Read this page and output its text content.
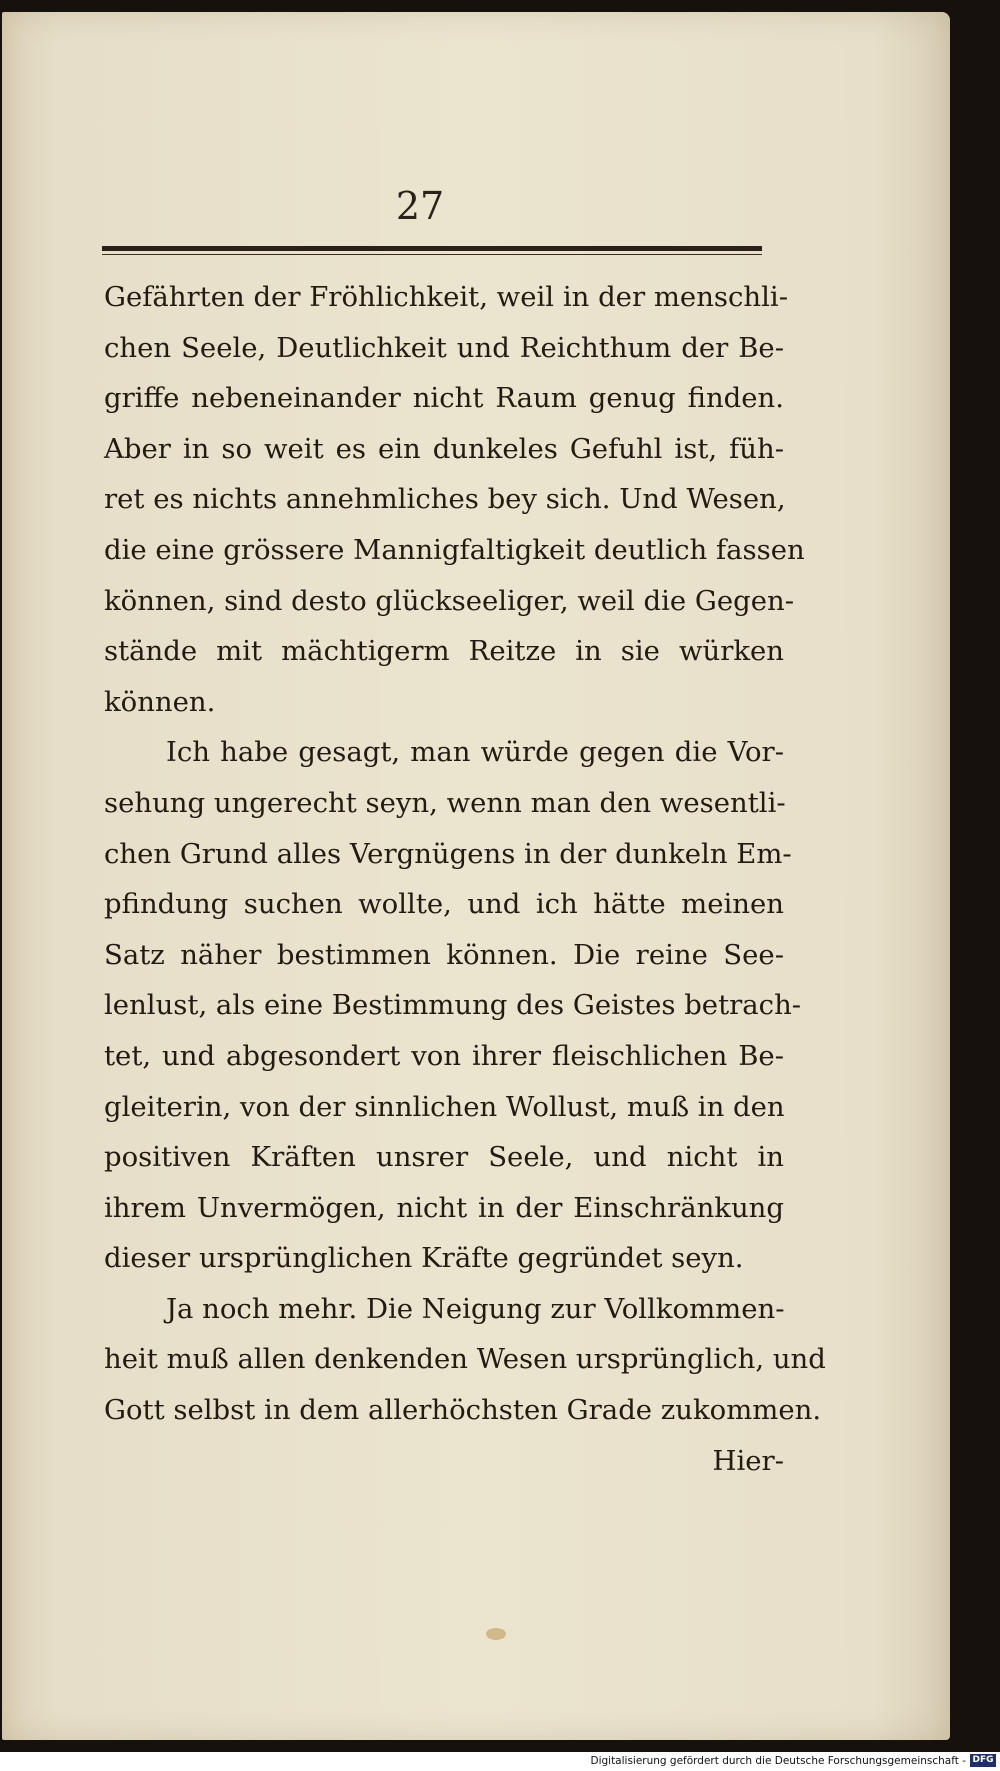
27
Gefährten der Fröhlichkeit, weil in der menschli-
chen Seele, Deutlichkeit und Reichthum der Be-
griffe nebeneinander nicht Raum genug finden.
Aber in so weit es ein dunkeles Gefuhl ist, füh-
ret es nichts annehmliches bey sich. Und Wesen,
die eine grössere Mannigfaltigkeit deutlich fassen
können, sind desto glückseeliger, weil die Gegen-
stände mit mächtigerm Reitze in sie würken
können.
Ich habe gesagt, man würde gegen die Vor-
sehung ungerecht seyn, wenn man den wesentli-
chen Grund alles Vergnügens in der dunkeln Em-
pfindung suchen wollte, und ich hätte meinen
Satz näher bestimmen können. Die reine See-
lenlust, als eine Bestimmung des Geistes betrach-
tet, und abgesondert von ihrer fleischlichen Be-
gleiterin, von der sinnlichen Wollust, muß in den
positiven Kräften unsrer Seele, und nicht in
ihrem Unvermögen, nicht in der Einschränkung
dieser ursprünglichen Kräfte gegründet seyn.
Ja noch mehr. Die Neigung zur Vollkommen-
heit muß allen denkenden Wesen ursprünglich, und
Gott selbst in dem allerhöchsten Grade zukommen.
Hier-
Digitalisierung gefördert durch die Deutsche Forschungsgemeinschaft - DFG
